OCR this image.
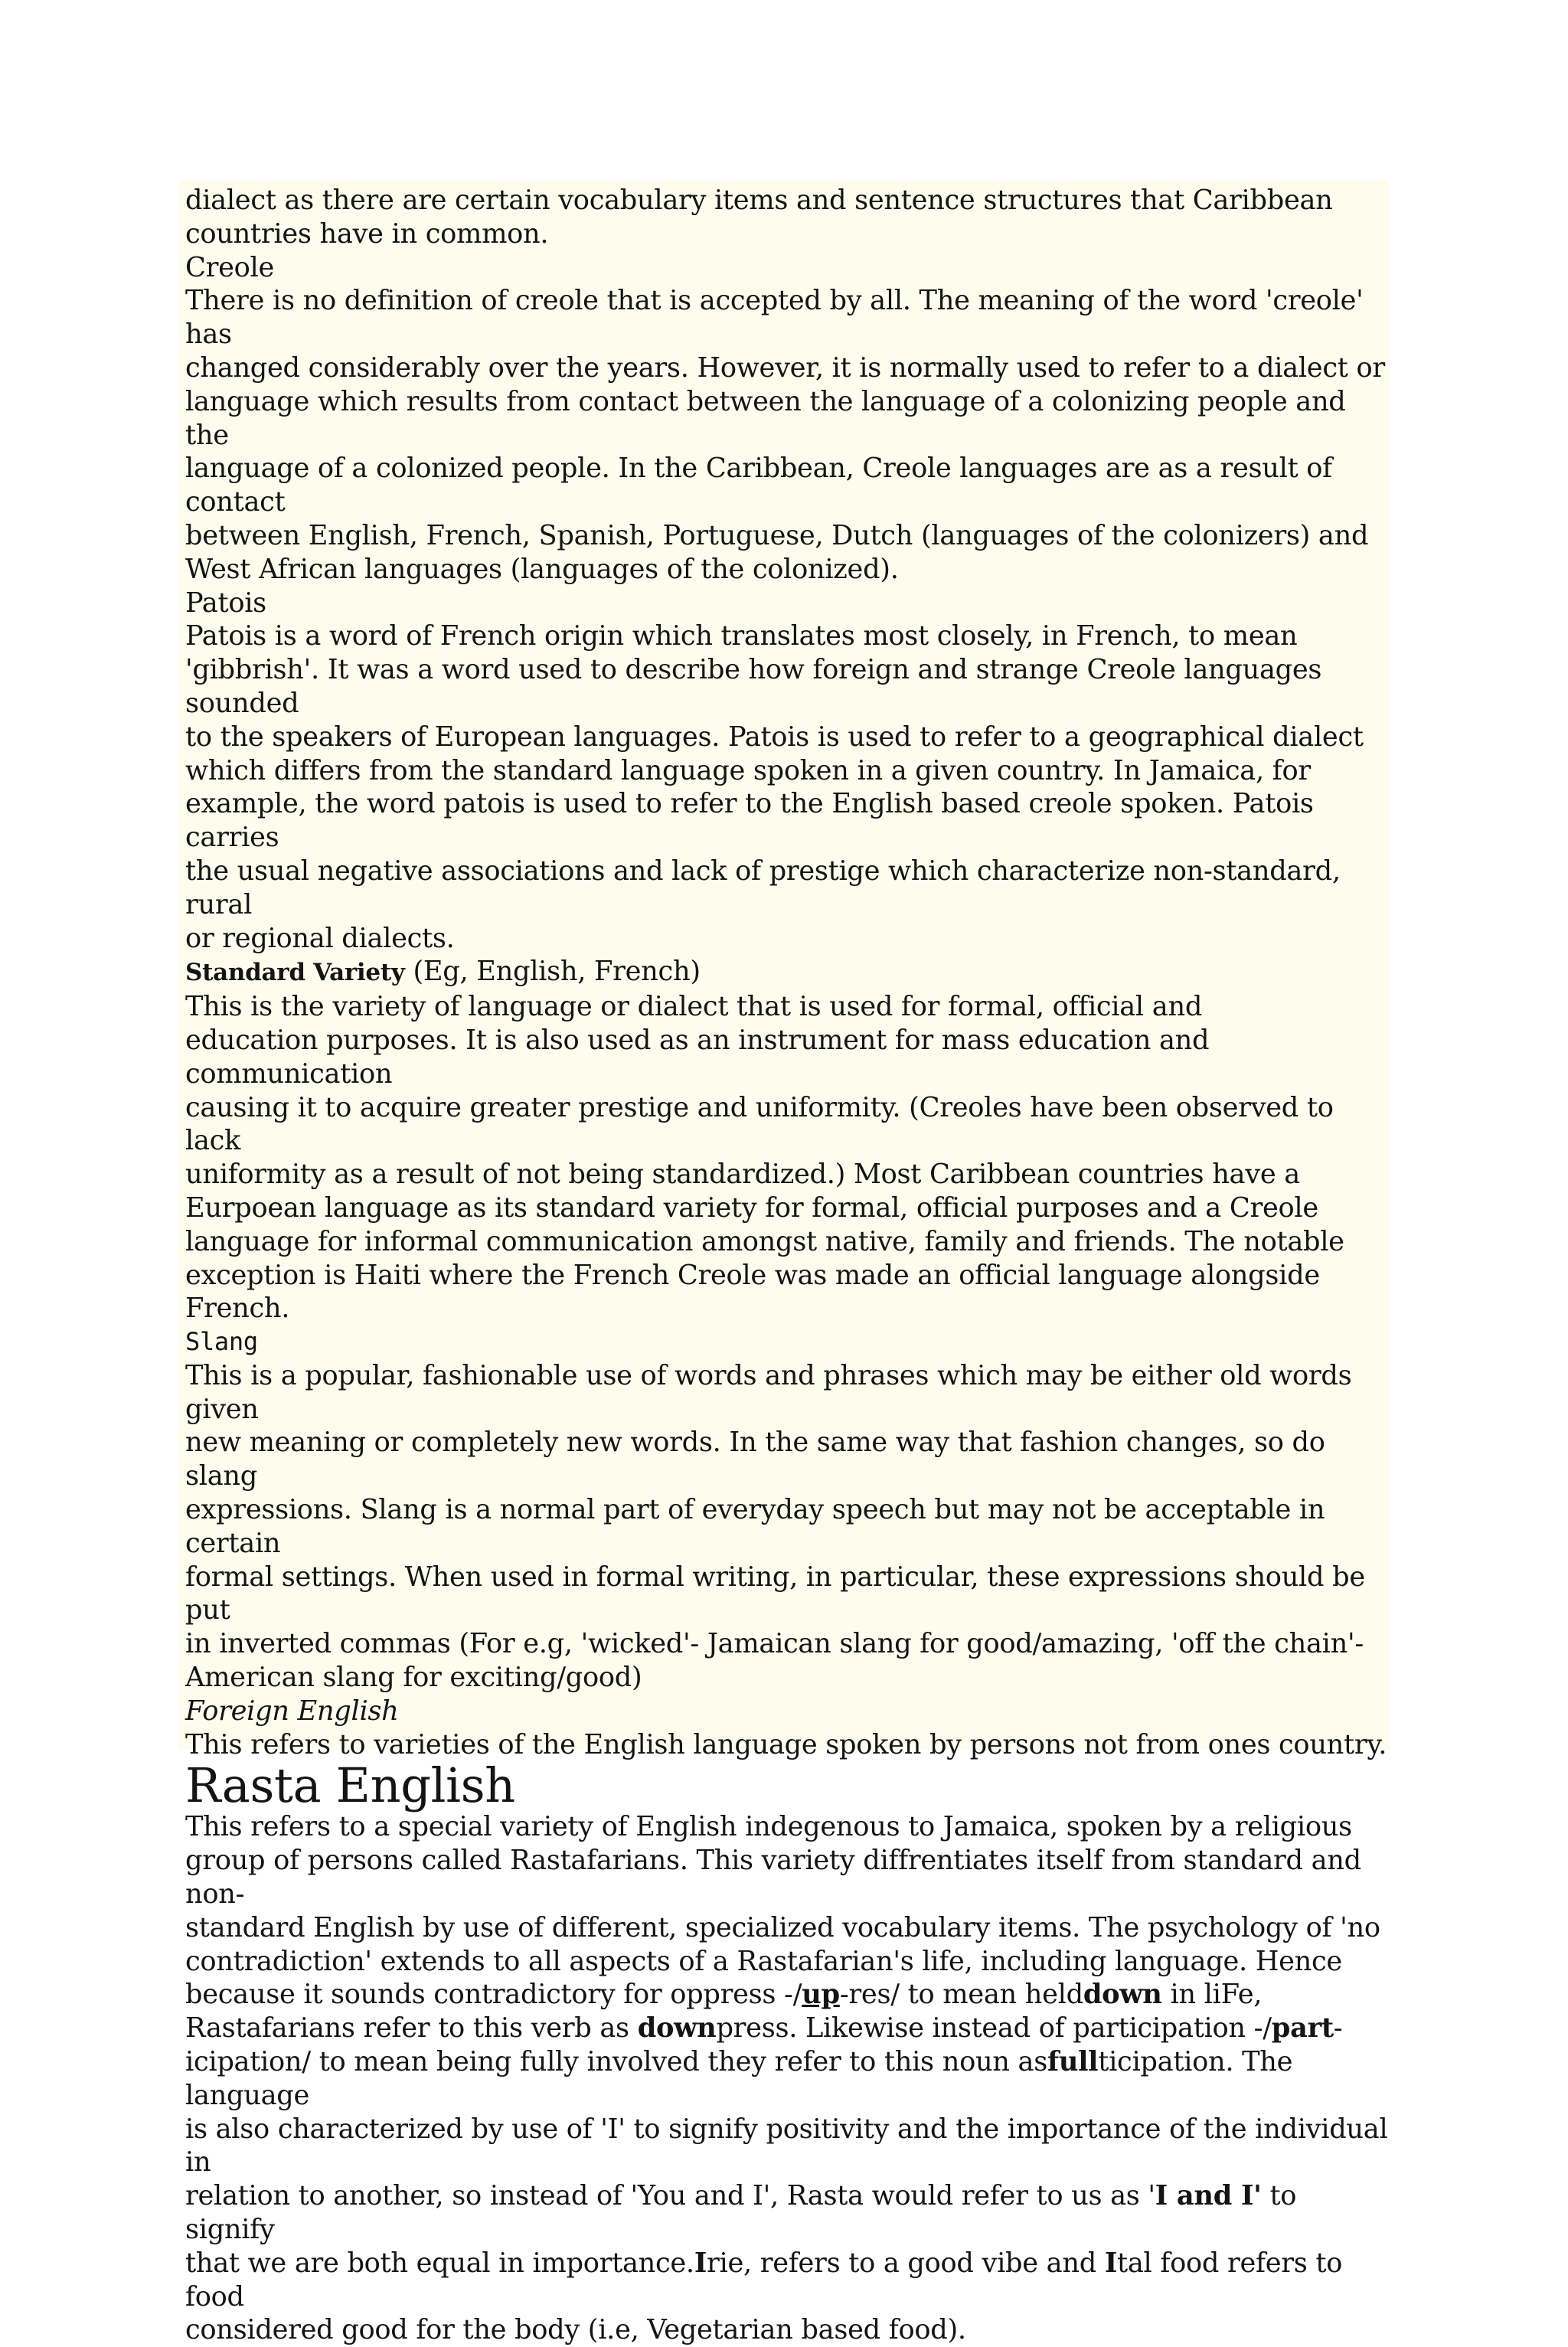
dialect as there are certain vocabulary items and sentence structures that Caribbean

countries have in common.

Creole

There is no definition of creole that is accepted by all. The meaning of the word 'creole' has

changed considerably over the years. However, it is normally used to refer to a dialect or

language which results from contact between the language of a colonizing people and the

language of a colonized people. In the Caribbean, Creole languages are as a result of contact

between English, French, Spanish, Portuguese, Dutch (languages of the colonizers) and

West African languages (languages of the colonized).

Patois

Patois is a word of French origin which translates most closely, in French, to mean

'gibbrish'. It was a word used to describe how foreign and strange Creole languages sounded

to the speakers of European languages. Patois is used to refer to a geographical dialect

which differs from the standard language spoken in a given country. In Jamaica, for

example, the word patois is used to refer to the English based creole spoken. Patois carries

the usual negative associations and lack of prestige which characterize non-standard, rural

or regional dialects.

Standard Variety (Eg, English, French)

This is the variety of language or dialect that is used for formal, official and

education purposes. It is also used as an instrument for mass education and communication

causing it to acquire greater prestige and uniformity. (Creoles have been observed to lack

uniformity as a result of not being standardized.) Most Caribbean countries have a

Eurpoean language as its standard variety for formal, official purposes and a Creole

language for informal communication amongst native, family and friends. The notable

exception is Haiti where the French Creole was made an official language alongside French.

Slang

This is a popular, fashionable use of words and phrases which may be either old words given

new meaning or completely new words. In the same way that fashion changes, so do slang

expressions. Slang is a normal part of everyday speech but may not be acceptable in certain

formal settings. When used in formal writing, in particular, these expressions should be put

in inverted commas (For e.g, 'wicked'- Jamaican slang for good/amazing, 'off the chain'-

American slang for exciting/good)

Foreign English

This refers to varieties of the English language spoken by persons not from ones country.

Rasta English

This refers to a special variety of English indegenous to Jamaica, spoken by a religious

group of persons called Rastafarians. This variety diffrentiates itself from standard and non-

standard English by use of different, specialized vocabulary items. The psychology of 'no

contradiction' extends to all aspects of a Rastafarian's life, including language. Hence

because it sounds contradictory for oppress -/up-res/ to mean helddown in liFe,

Rastafarians refer to this verb as downpress. Likewise instead of participation -/part-

icipation/ to mean being fully involved they refer to this noun asfullticipation. The language

is also characterized by use of 'I' to signify positivity and the importance of the individual in

relation to another, so instead of 'You and I', Rasta would refer to us as 'I and I' to signify

that we are both equal in importance.Irie, refers to a good vibe and Ital food refers to food

considered good for the body (i.e, Vegetarian based food).
